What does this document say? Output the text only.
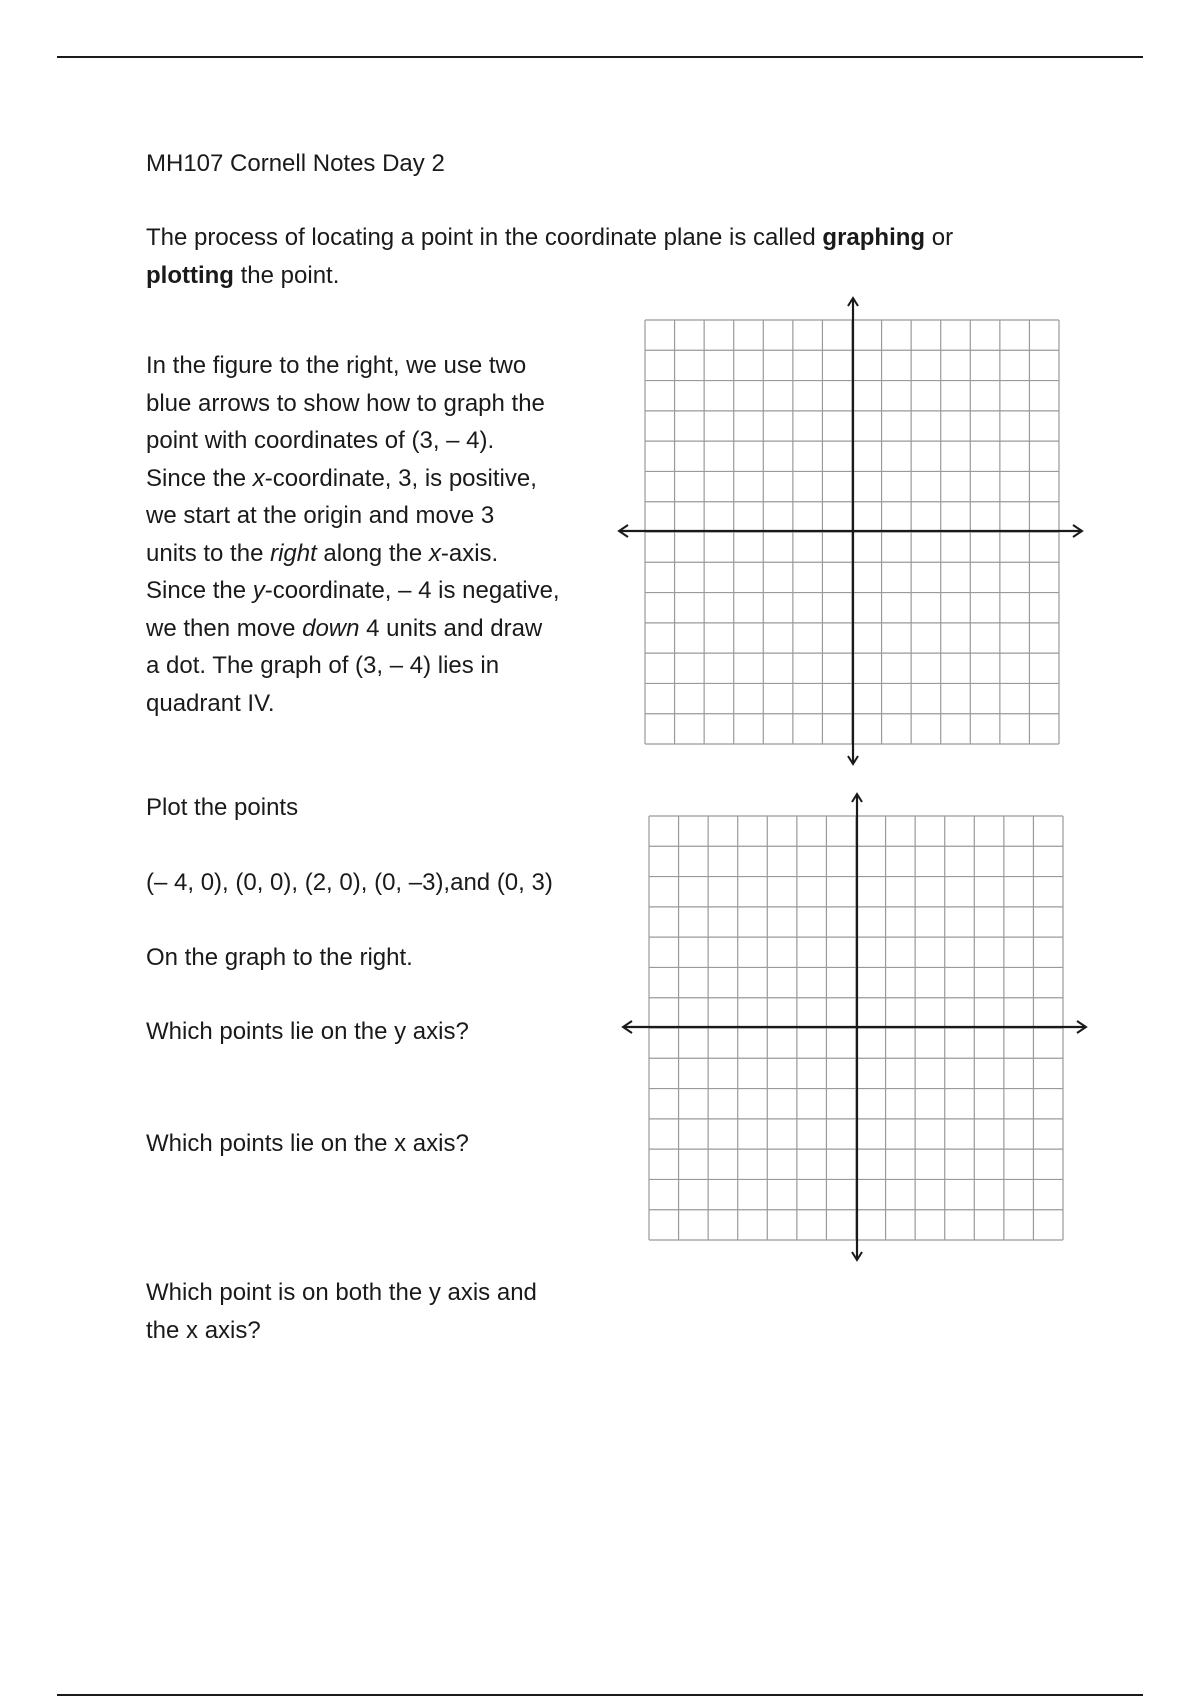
MH107 Cornell Notes Day 2
The process of locating a point in the coordinate plane is called graphing or
plotting the point.
In the figure to the right, we use two
blue arrows to show how to graph the
point with coordinates of (3, – 4).
Since the x-coordinate, 3, is positive,
we start at the origin and move 3
units to the right along the x-axis.
Since the y-coordinate, – 4 is negative,
we then move down 4 units and draw
a dot. The graph of (3, – 4) lies in
quadrant IV.
Plot the points
(– 4, 0), (0, 0), (2, 0), (0, –3),and (0, 3)
On the graph to the right.
Which points lie on the y axis?
Which points lie on the x axis?
Which point is on both the y axis and
the x axis?
